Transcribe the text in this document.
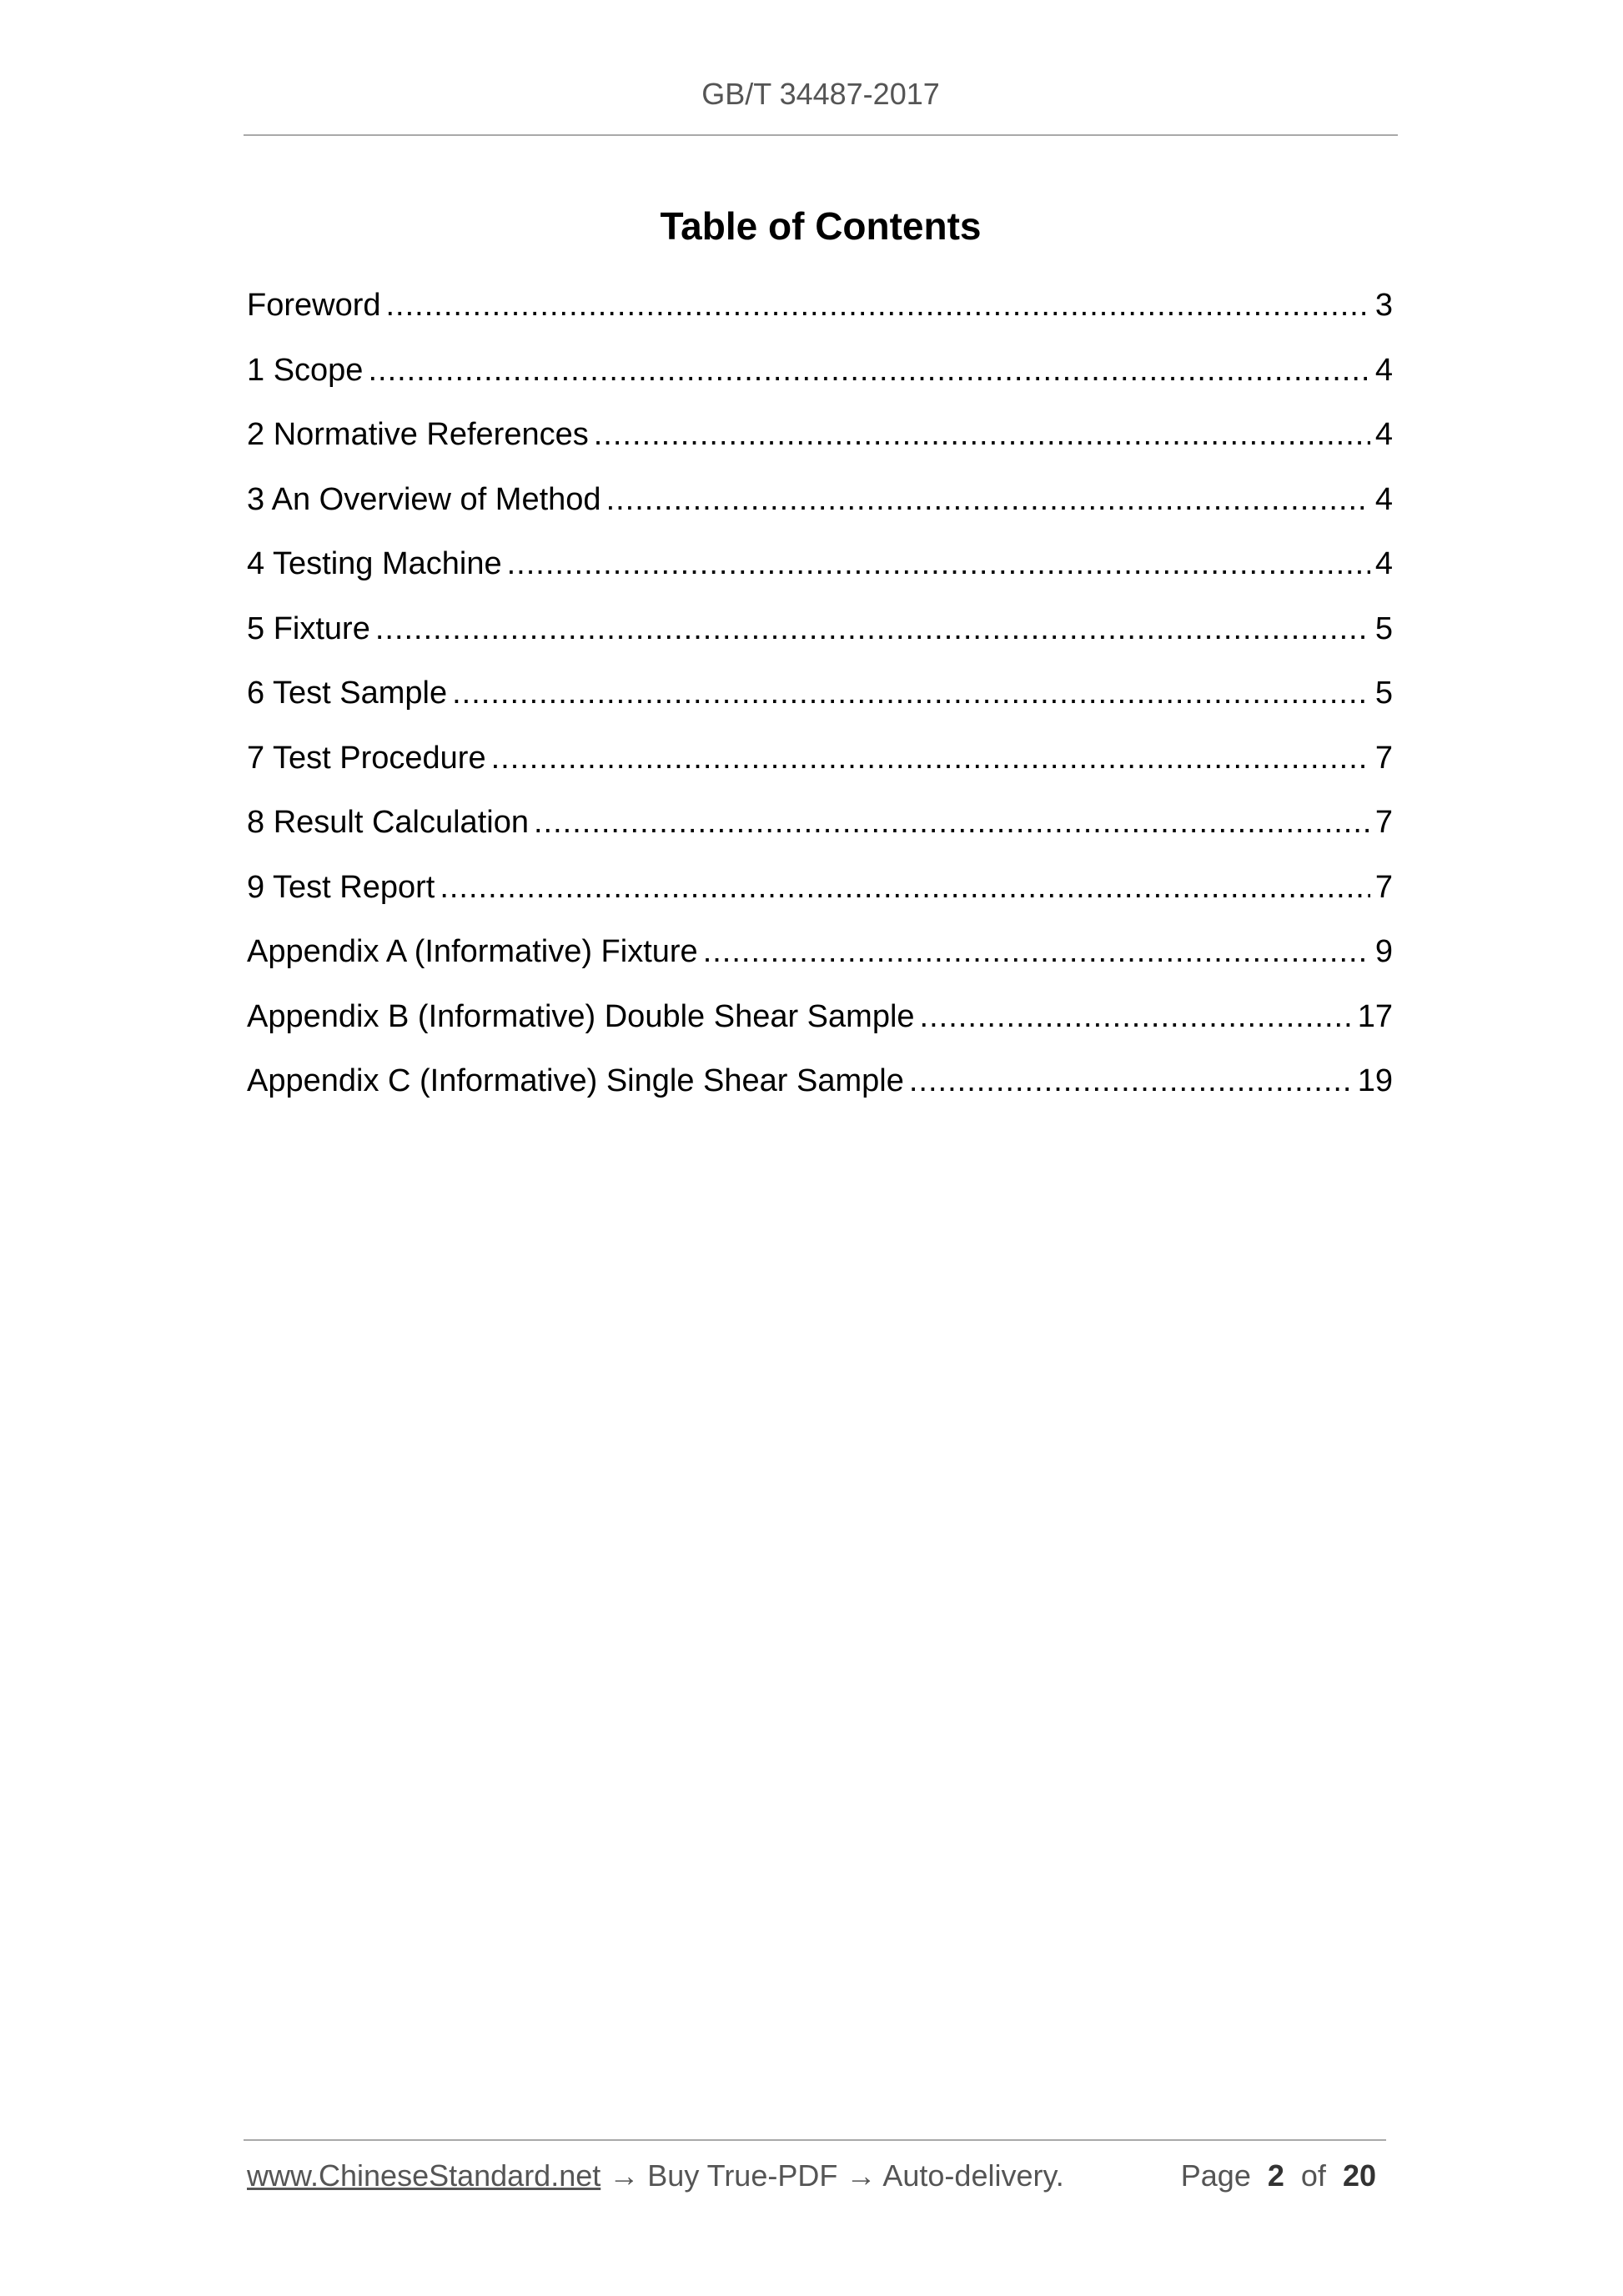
GB/T 34487-2017
Table of Contents
Foreword .....	3
1 Scope .....	4
2 Normative References .....	4
3 An Overview of Method .....	4
4 Testing Machine .....	4
5 Fixture .....	5
6 Test Sample .....	5
7 Test Procedure .....	7
8 Result Calculation .....	7
9 Test Report .....	7
Appendix A (Informative) Fixture .....	9
Appendix B (Informative) Double Shear Sample .....	17
Appendix C (Informative) Single Shear Sample .....	19
www.ChineseStandard.net → Buy True-PDF → Auto-delivery.	Page 2 of 20
